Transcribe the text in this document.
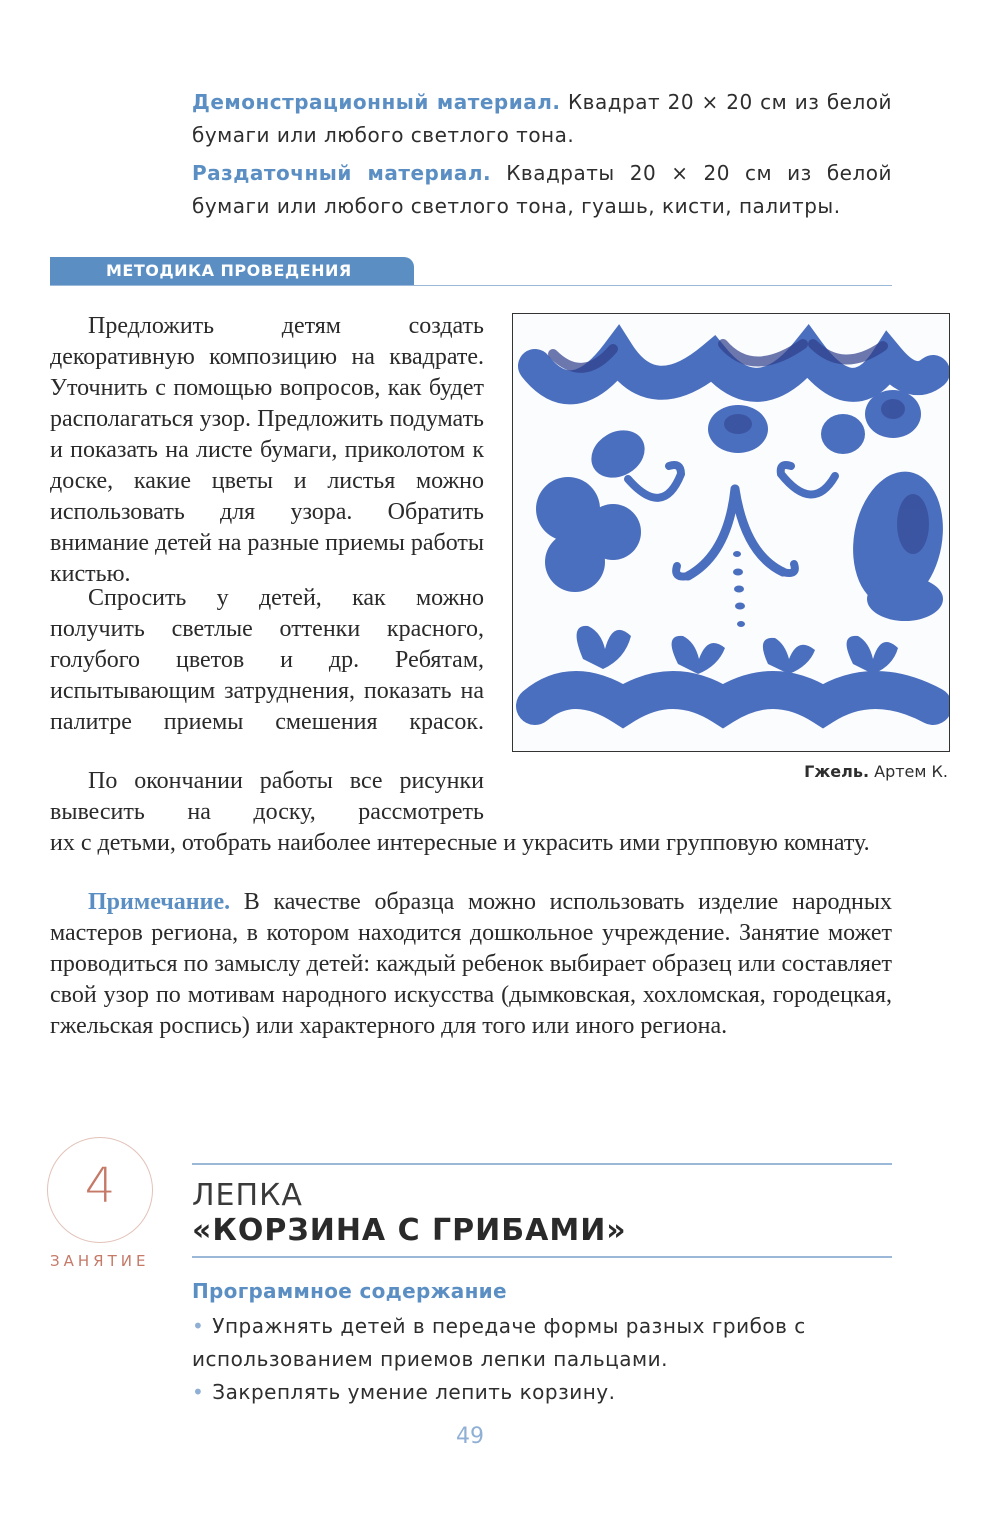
Демонстрационный материал. Квадрат 20 × 20 см из белой бумаги или любого светлого тона.

Раздаточный материал. Квадраты 20 × 20 см из белой бумаги или любого светлого тона, гуашь, кисти, палитры.

МЕТОДИКА ПРОВЕДЕНИЯ

Предложить детям создать декоративную композицию на квадрате. Уточнить с помощью вопросов, как будет располагаться узор. Предложить подумать и показать на листе бумаги, приколотом к доске, какие цветы и листья можно использовать для узора. Обратить внимание детей на разные приемы работы кистью.

Спросить у детей, как можно получить светлые оттенки красного, голубого цветов и др. Ребятам, испытывающим затруднения, показать на палитре приемы смешения красок.

По окончании работы все рисунки вывесить на доску, рассмотреть

их с детьми, отобрать наиболее интересные и украсить ими групповую комнату.

Примечание. В качестве образца можно использовать изделие народных мастеров региона, в котором находится дошкольное учреждение. Занятие может проводиться по замыслу детей: каждый ребенок выбирает образец или составляет свой узор по мотивам народного искусства (дымковская, хохломская, городецкая, гжельская роспись) или характерного для того или иного региона.

Гжель. Артем К.
4
ЗАНЯТИЕ
ЛЕПКА
«КОРЗИНА С ГРИБАМИ»
Программное содержание

• Упражнять детей в передаче формы разных грибов с использованием приемов лепки пальцами.

• Закреплять умение лепить корзину.

49
